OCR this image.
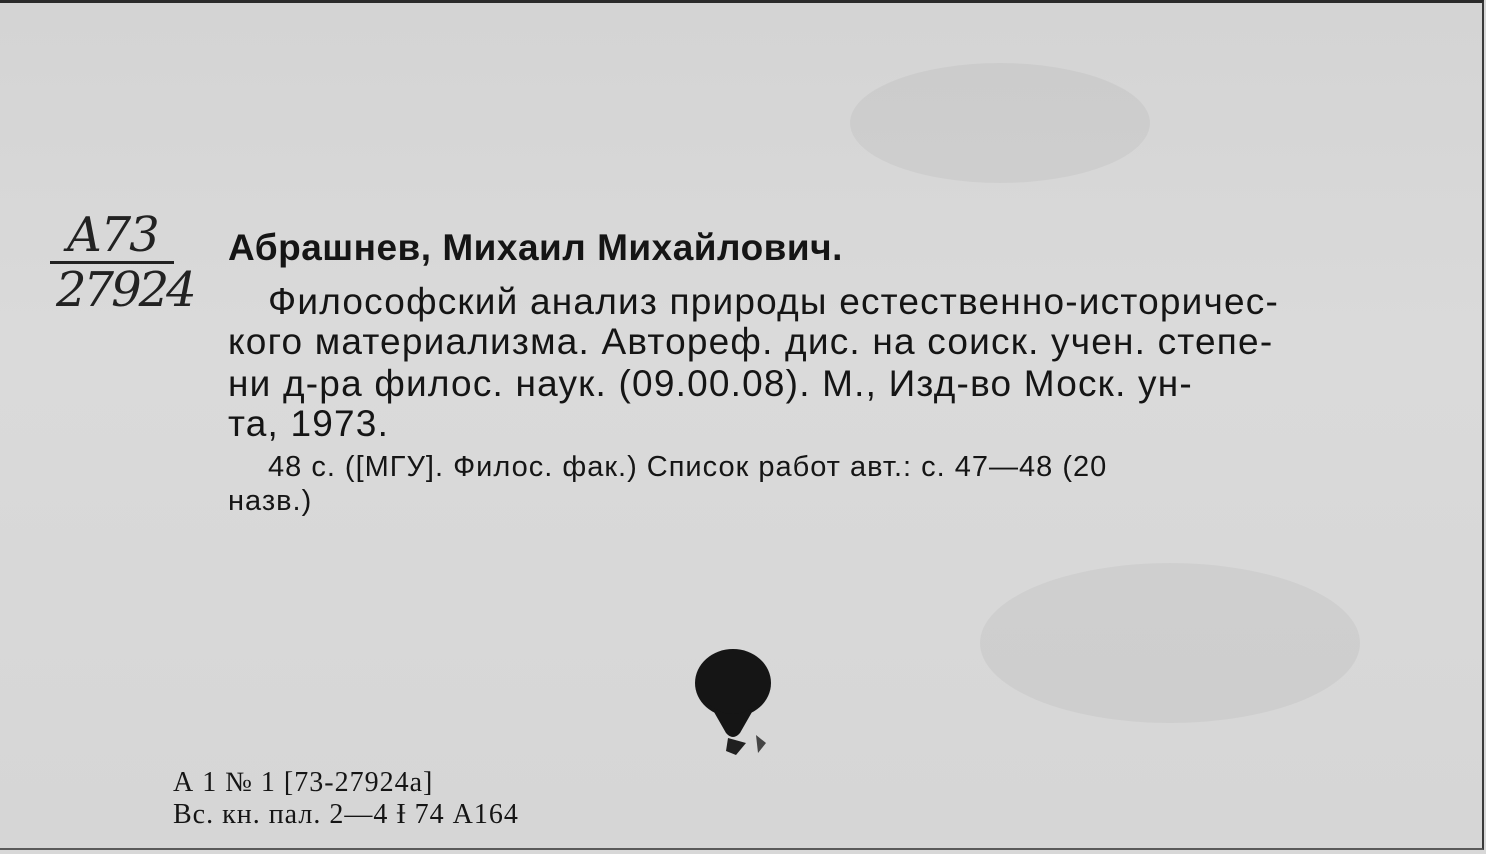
А73
27924
Абрашнев, Михаил Михайлович.
Философский анализ природы естественно-историчес-
кого материализма. Автореф. дис. на соиск. учен. степе-
ни д-ра филос. наук. (09.00.08). М., Изд-во Моск. ун-
та, 1973.
48 с. ([МГУ]. Филос. фак.) Список работ авт.: с. 47—48 (20
назв.)
А 1 № 1 [73-27924а]
Вс. кн. пал. 2—4 Ɨ 74 А164
